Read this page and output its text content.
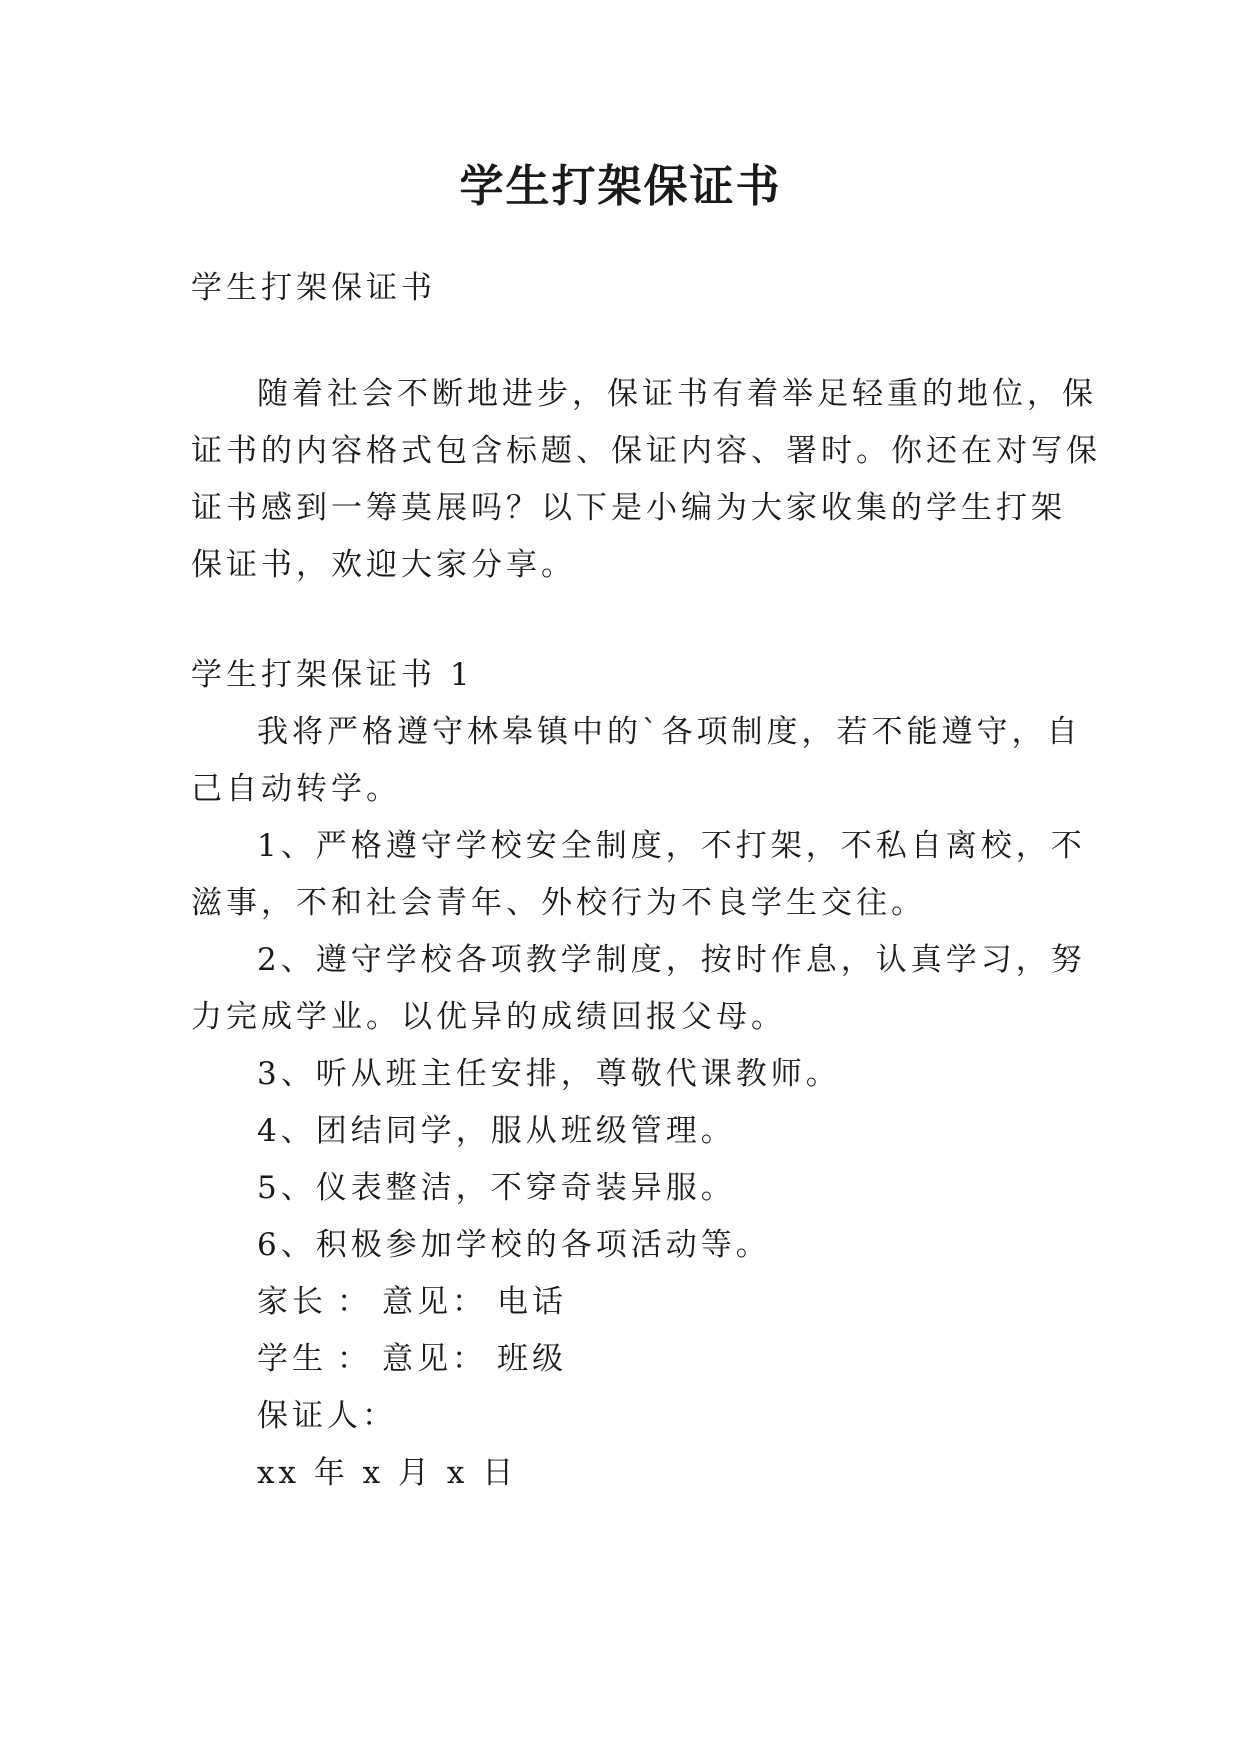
学生打架保证书

学生打架保证书

随着社会不断地进步，保证书有着举足轻重的地位，保

证书的内容格式包含标题、保证内容、署时。你还在对写保

证书感到一筹莫展吗？以下是小编为大家收集的学生打架

保证书，欢迎大家分享。

学生打架保证书 1

我将严格遵守林皋镇中的`各项制度，若不能遵守，自

己自动转学。

1、严格遵守学校安全制度，不打架，不私自离校，不

滋事，不和社会青年、外校行为不良学生交往。

2、遵守学校各项教学制度，按时作息，认真学习，努

力完成学业。以优异的成绩回报父母。

3、听从班主任安排，尊敬代课教师。

4、团结同学，服从班级管理。

5、仪表整洁，不穿奇装异服。

6、积极参加学校的各项活动等。

家长 ： 意见： 电话

学生 ： 意见： 班级

保证人：

xx 年 x 月 x 日
